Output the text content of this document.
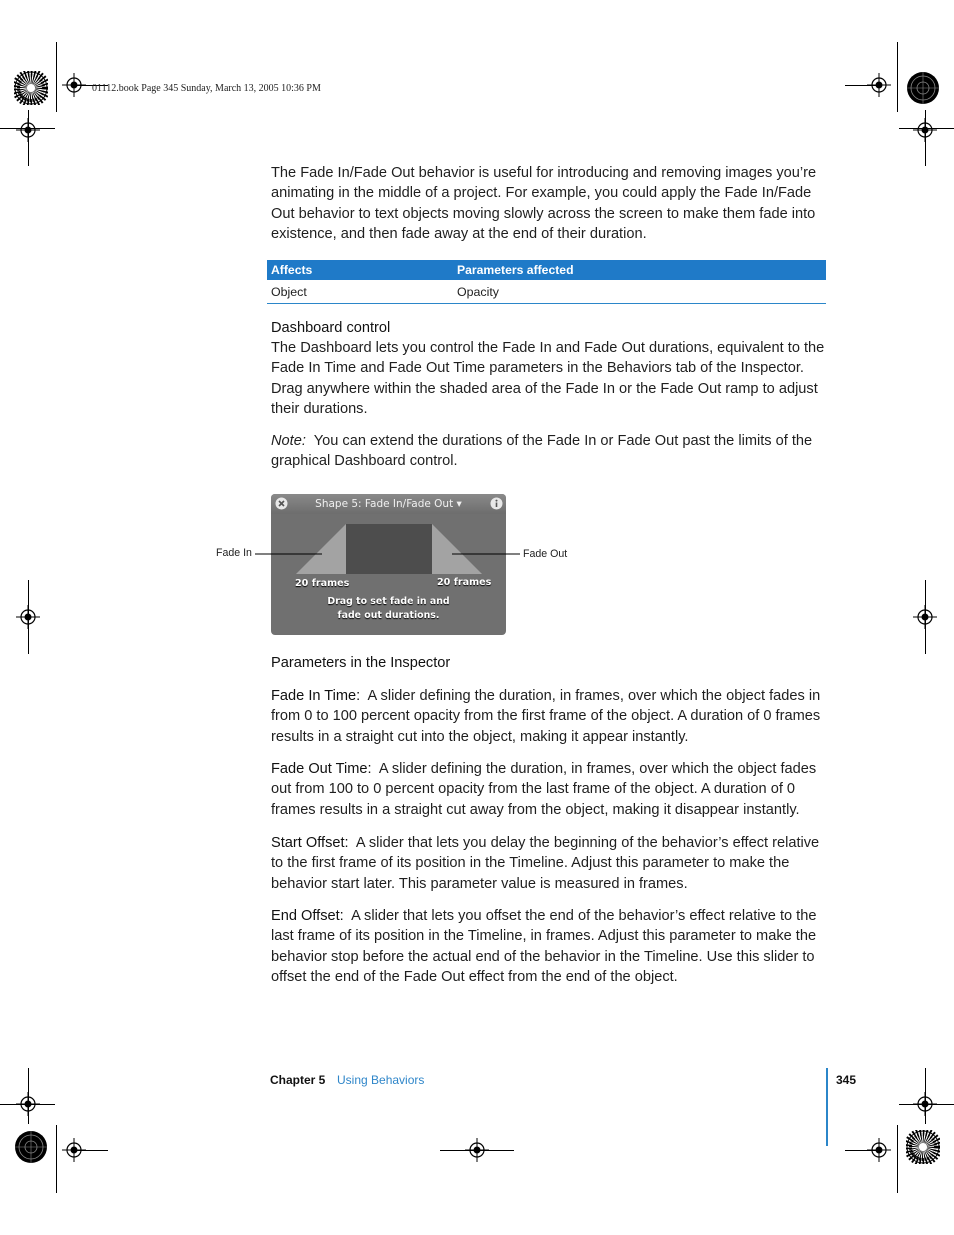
01112.book Page 345 Sunday, March 13, 2005 10:36 PM

The Fade In/Fade Out behavior is useful for introducing and removing images you’re animating in the middle of a project. For example, you could apply the Fade In/Fade Out behavior to text objects moving slowly across the screen to make them fade into existence, and then fade away at the end of their duration.

Affects	Parameters affected
Object	Opacity
Dashboard control

The Dashboard lets you control the Fade In and Fade Out durations, equivalent to the Fade In Time and Fade Out Time parameters in the Behaviors tab of the Inspector. Drag anywhere within the shaded area of the Fade In or the Fade Out ramp to adjust their durations.

Note: You can extend the durations of the Fade In or Fade Out past the limits of the graphical Dashboard control.

Shape 5: Fade In/Fade Out ▾
20 frames	20 frames
Drag to set fade in and
fade out durations.
Fade In	Fade Out
Parameters in the Inspector

Fade In Time: A slider defining the duration, in frames, over which the object fades in from 0 to 100 percent opacity from the first frame of the object. A duration of 0 frames results in a straight cut into the object, making it appear instantly.

Fade Out Time: A slider defining the duration, in frames, over which the object fades out from 100 to 0 percent opacity from the last frame of the object. A duration of 0 frames results in a straight cut away from the object, making it disappear instantly.

Start Offset: A slider that lets you delay the beginning of the behavior’s effect relative to the first frame of its position in the Timeline. Adjust this parameter to make the behavior start later. This parameter value is measured in frames.

End Offset: A slider that lets you offset the end of the behavior’s effect relative to the last frame of its position in the Timeline, in frames. Adjust this parameter to make the behavior stop before the actual end of the behavior in the Timeline. Use this slider to offset the end of the Fade Out effect from the end of the object.

Chapter 5 Using Behaviors	345
